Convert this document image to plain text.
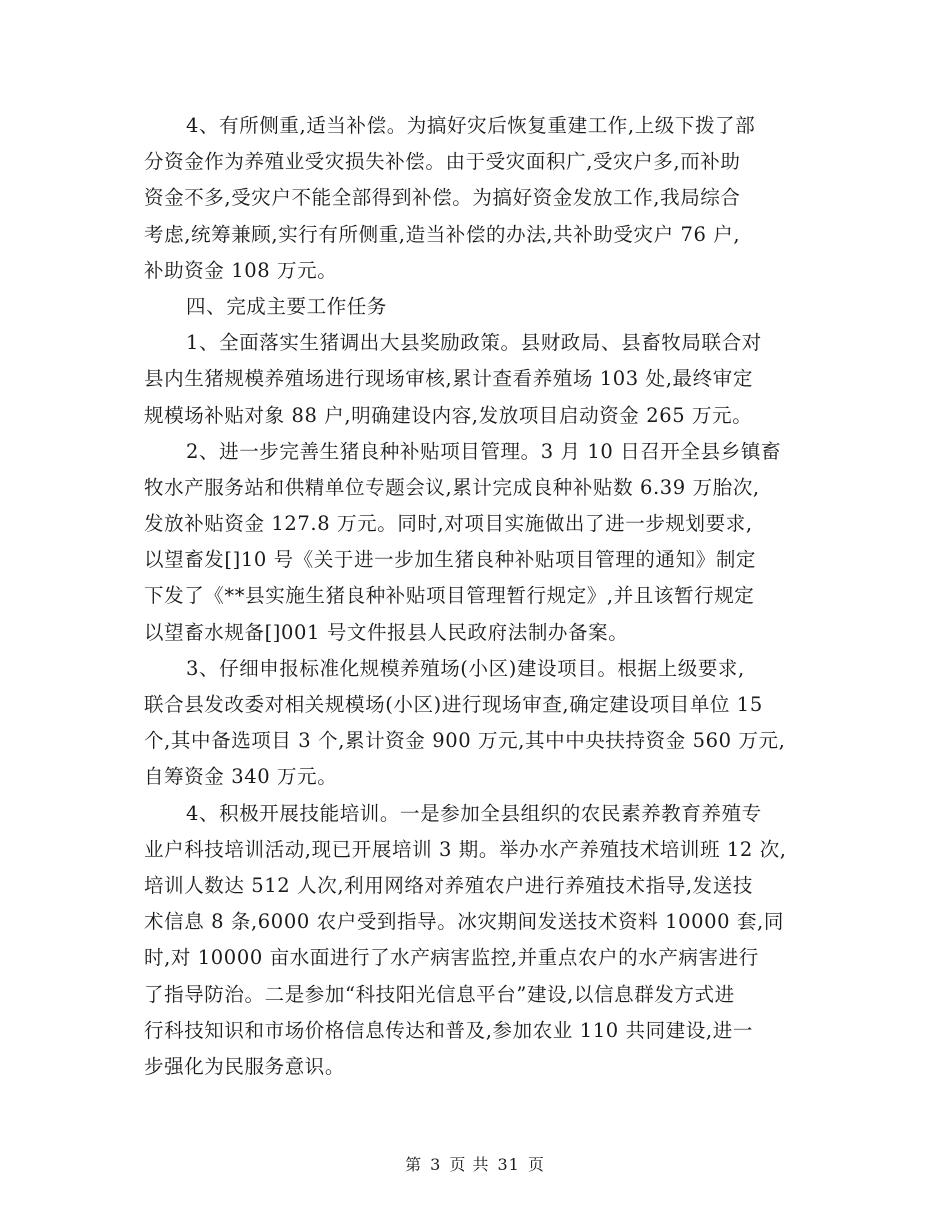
4、有所侧重,适当补偿。为搞好灾后恢复重建工作,上级下拨了部
分资金作为养殖业受灾损失补偿。由于受灾面积广,受灾户多,而补助
资金不多,受灾户不能全部得到补偿。为搞好资金发放工作,我局综合
考虑,统筹兼顾,实行有所侧重,造当补偿的办法,共补助受灾户 76 户,
补助资金 108 万元。
四、完成主要工作任务
1、全面落实生猪调出大县奖励政策。县财政局、县畜牧局联合对
县内生猪规模养殖场进行现场审核,累计查看养殖场 103 处,最终审定
规模场补贴对象 88 户,明确建设内容,发放项目启动资金 265 万元。
2、进一步完善生猪良种补贴项目管理。3 月 10 日召开全县乡镇畜
牧水产服务站和供精单位专题会议,累计完成良种补贴数 6.39 万胎次,
发放补贴资金 127.8 万元。同时,对项目实施做出了进一步规划要求,
以望畜发[]10 号《关于进一步加生猪良种补贴项目管理的通知》制定
下发了《**县实施生猪良种补贴项目管理暂行规定》,并且该暂行规定
以望畜水规备[]001 号文件报县人民政府法制办备案。
3、仔细申报标准化规模养殖场(小区)建设项目。根据上级要求,
联合县发改委对相关规模场(小区)进行现场审查,确定建设项目单位 15
个,其中备选项目 3 个,累计资金 900 万元,其中中央扶持资金 560 万元,
自筹资金 340 万元。
4、积极开展技能培训。一是参加全县组织的农民素养教育养殖专
业户科技培训活动,现已开展培训 3 期。举办水产养殖技术培训班 12 次,
培训人数达 512 人次,利用网络对养殖农户进行养殖技术指导,发送技
术信息 8 条,6000 农户受到指导。冰灾期间发送技术资料 10000 套,同
时,对 10000 亩水面进行了水产病害监控,并重点农户的水产病害进行
了指导防治。二是参加“科技阳光信息平台”建设,以信息群发方式进
行科技知识和市场价格信息传达和普及,参加农业 110 共同建设,进一
步强化为民服务意识。
第 3 页 共 31 页
